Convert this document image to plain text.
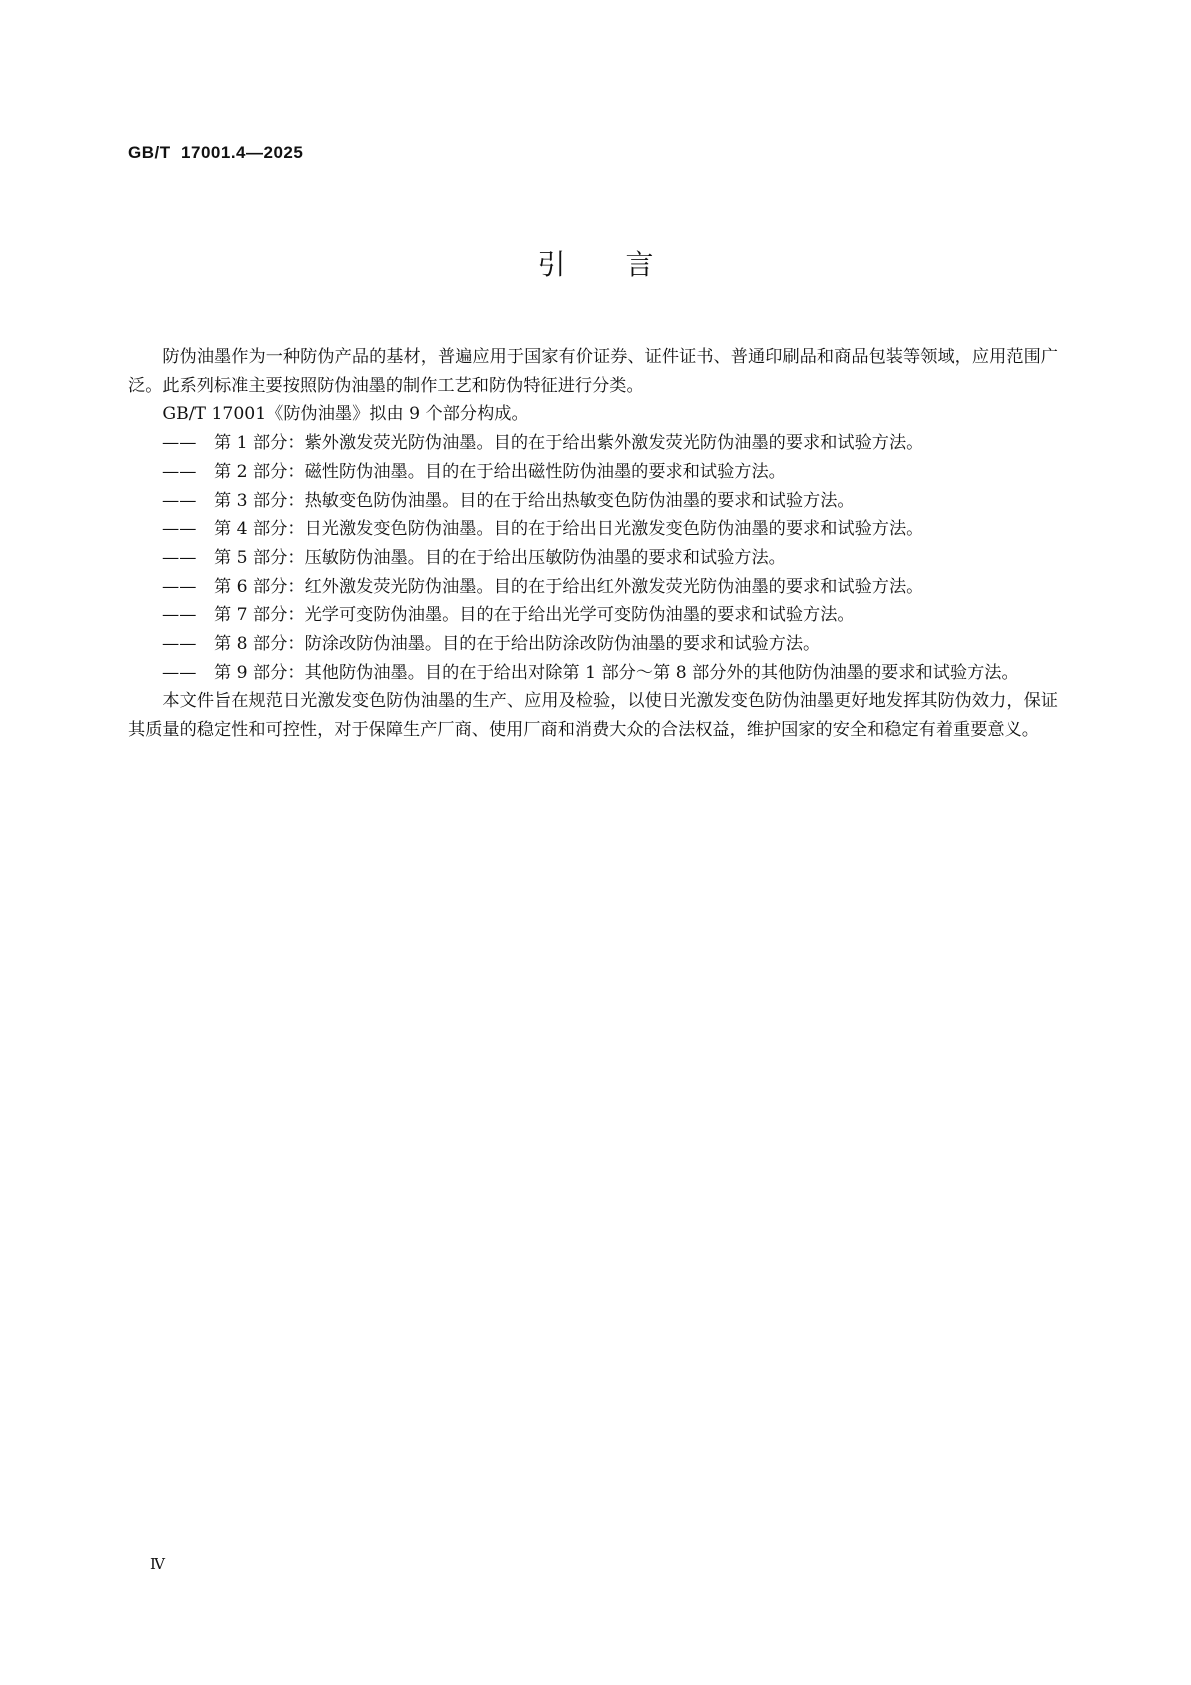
GB/T  17001.4—2025
引言

防伪油墨作为一种防伪产品的基材，普遍应用于国家有价证券、证件证书、普通印刷品和商品包装等领域，应用范围广泛。此系列标准主要按照防伪油墨的制作工艺和防伪特征进行分类。

GB/T 17001《防伪油墨》拟由 9 个部分构成。

—— 第 1 部分：紫外激发荧光防伪油墨。目的在于给出紫外激发荧光防伪油墨的要求和试验方法。

—— 第 2 部分：磁性防伪油墨。目的在于给出磁性防伪油墨的要求和试验方法。

—— 第 3 部分：热敏变色防伪油墨。目的在于给出热敏变色防伪油墨的要求和试验方法。

—— 第 4 部分：日光激发变色防伪油墨。目的在于给出日光激发变色防伪油墨的要求和试验方法。

—— 第 5 部分：压敏防伪油墨。目的在于给出压敏防伪油墨的要求和试验方法。

—— 第 6 部分：红外激发荧光防伪油墨。目的在于给出红外激发荧光防伪油墨的要求和试验方法。

—— 第 7 部分：光学可变防伪油墨。目的在于给出光学可变防伪油墨的要求和试验方法。

—— 第 8 部分：防涂改防伪油墨。目的在于给出防涂改防伪油墨的要求和试验方法。

—— 第 9 部分：其他防伪油墨。目的在于给出对除第 1 部分～第 8 部分外的其他防伪油墨的要求和试验方法。

本文件旨在规范日光激发变色防伪油墨的生产、应用及检验，以使日光激发变色防伪油墨更好地发挥其防伪效力，保证其质量的稳定性和可控性，对于保障生产厂商、使用厂商和消费大众的合法权益，维护国家的安全和稳定有着重要意义。

Ⅳ
